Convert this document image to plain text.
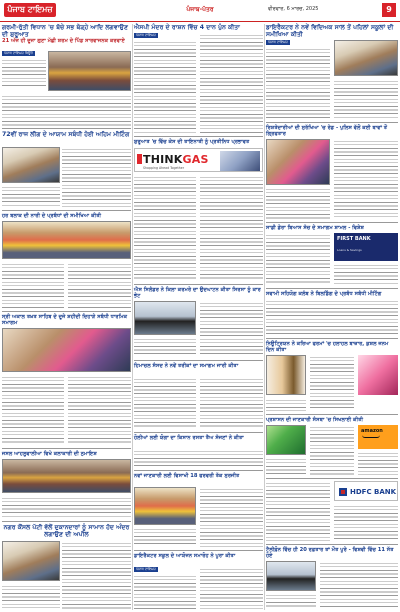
ਪੰਜਾਬ ਟਾਇਮਜ਼	ਪੰਜਾਬ-ਪੱਤਰ	ਵੀਰਵਾਰ, 6 ਮਾਰਚ, 2025	9
ਗਰਮੀ-ਰੁੱਤੀ ਵਿਧਾਨ 'ਚ ਬੱਚੇ ਸਭ ਥੋੜ੍ਹੇ ਆਦਿ ਲਗਵਾਉਣ ਦੀ ਸ਼ੁਰੂਆਤ
21 ਅੱਜ ਹੀ ਦੂਜਾ ਗੁਣਾ ਮੱਛੀ ਸ਼ਰਮ ਦੇ ਪਿੰਡ ਸਾਰਵਾਜਨਕ ਕਰਵਾਏ
ਪੰਜਾਬ ਟਾਇਮਜ਼ ਬਿਊਰੋ
72ਵੀਂ ਰਾਜ ਲੀਗ ਦੇ ਆਯਾਮ ਸਬੰਧੀ ਹੋਈ ਅਹਿਮ ਮੀਟਿੰਗ
ਹਰ ਬਲਾਕ ਦੀ ਨਾਰੀ ਦੇ ਪ੍ਰਬੰਧਾਂ ਦੀ ਸਮੀਖਿਆ ਕੀਤੀ
ਸ੍ਰੀ ਅਕਾਲ ਤਖ਼ਤ ਸਾਹਿਬ ਦੇ ਦੂਜੇ ਸ਼ਹੀਦੀ ਦਿਹਾੜੇ ਸਬੰਧੀ ਧਾਰਮਿਕ ਸਮਾਗਮ
ਜਸਲ ਆਹਲੂਵਾਲੀਆ ਵਿਖੇ ਕਲਾਕਾਰੀ ਦੀ ਨੁਮਾਇਸ਼
ਨਗਰ ਕੌਂਸਲ ਪੱਟੀ ਵੱਲੋਂ ਦੁਕਾਨਦਾਰਾਂ ਨੂੰ ਸਾਮਾਨ ਹੱਦ ਅੰਦਰ ਲਗਾਉਣ ਦੀ ਅਪੀਲ
ਐਸਪੀ ਮੰਦਰ ਦੇ ਰਾਸ਼ਨ ਵਿੱਚ 4 ਦਾਨ ਪੁੰਨ ਕੀਤਾ
ਪੰਜਾਬ ਟਾਇਮਜ਼
ਸ਼ੁਰੂਆਤ 'ਚ ਵਿੱਚ ਕੇਸ ਦੀ ਤਾਇਨਾਤੀ ਨੂੰ ਪ੍ਰਤੀਨਿਧ ਪ੍ਰਭਾਵਤ
THINKGAS
Shopping Ahead Together
ਐਸ ਸਿਲੰਡਰ ਨੇ ਕਿਲਾ ਕਰਮਰੇ ਦਾ ਉਦਘਾਟਨ ਕੀਤਾ ਸਿਰਸਾ ਨੂੰ ਕਾਰ ਭੇਟ
ਹਿਮਾਚਲ ਸੰਸਦ ਨੇ ਨਵੇਂ ਤਰੀਕਾਂ ਦਾ ਸਮਾਗਮ ਜਾਰੀ ਕੀਤਾ
ਹੋਲੀਆਂ ਲਈ ਯੋਗਾ ਦਾ ਕਿਸਾਨ ਰਸਤਾ ਤੈਅ ਸੱਜਣਾਂ ਨੇ ਕੀਤਾ
ਨਵਾਂ ਜਾਣਕਾਰੀ ਲਈ ਵਿਸਾਖੀ 18 ਫਰਵਰੀ ਤੱਕ ਸੁਰਜੀਤ
ਡਾਇਰੈਕਟਰ ਸਕੂਲ ਦੇ ਆਯੋਜਨ ਸਮਾਰੋਹ ਨੇ ਪੂਰਾ ਕੀਤਾ
ਪੰਜਾਬ ਟਾਇਮਜ਼
ਡਾਇਰੈਕਟਰ ਨੇ ਨਵੇਂ ਵਿਦਿਅਕ ਸਾਲ ਤੋਂ ਪਹਿਲਾਂ ਸਕੂਲਾਂ ਦੀ ਸਮੀਖਿਆ ਕੀਤੀ
ਪੰਜਾਬ ਟਾਇਮਜ਼
ਰਿਸ਼ਤੇਦਾਰੀਆਂ ਦੀ ਸੁਰੱਖਿਆ 'ਚ ਰੇਡ - ਪੁਲਿਸ ਵੱਲੋਂ ਕਈ ਥਾਵਾਂ ਤੋਂ ਗ੍ਰਿਫਤਾਰ
ਸਾਡੀ ਡੇਰਾ ਬਿਆਸ ਸੱਚ ਦੇ ਸਮਾਗਮ ਸ਼ਾਮਲ - ਵਿਸ਼ੇਸ਼
FIRST BANK
Loans & Savings
ਸਵਾਮੀ ਸਹਿਯੋਗ ਕਲੱਬ ਨੇ ਬਿਲਡਿੰਗ ਦੇ ਪ੍ਰਬੰਧ ਸਬੰਧੀ ਮੀਟਿੰਗ
ਨਿਊਟ੍ਰਿਯਨ ਨੇ ਕਰਿਆ ਫਰਮਾਂ 'ਚ ਹਲਾਹਲ ਬਾਜ਼ਾਰ, ਕੁਸ਼ਲ ਜਨਮ ਦਿਨ ਕੀਤਾ
ਪ੍ਰਸ਼ਾਸਨ ਦੀ ਜਾਣਕਾਰੀ ਸੰਸਥਾ 'ਚ ਸਿਖਲਾਈ ਕੀਤੀ
amazon
HDFC BANK
ਟੈਲੀਫ਼ੋਨ ਵਿੱਚ ਹੀ 20 ਰਫ਼ਤਾਰ ਤਾਂ ਮੌਤ ਪੂਰੇ - ਵਿਸ਼ਵੀ ਵਿੱਚ 11 ਸੱਤ ਹੋਏ
